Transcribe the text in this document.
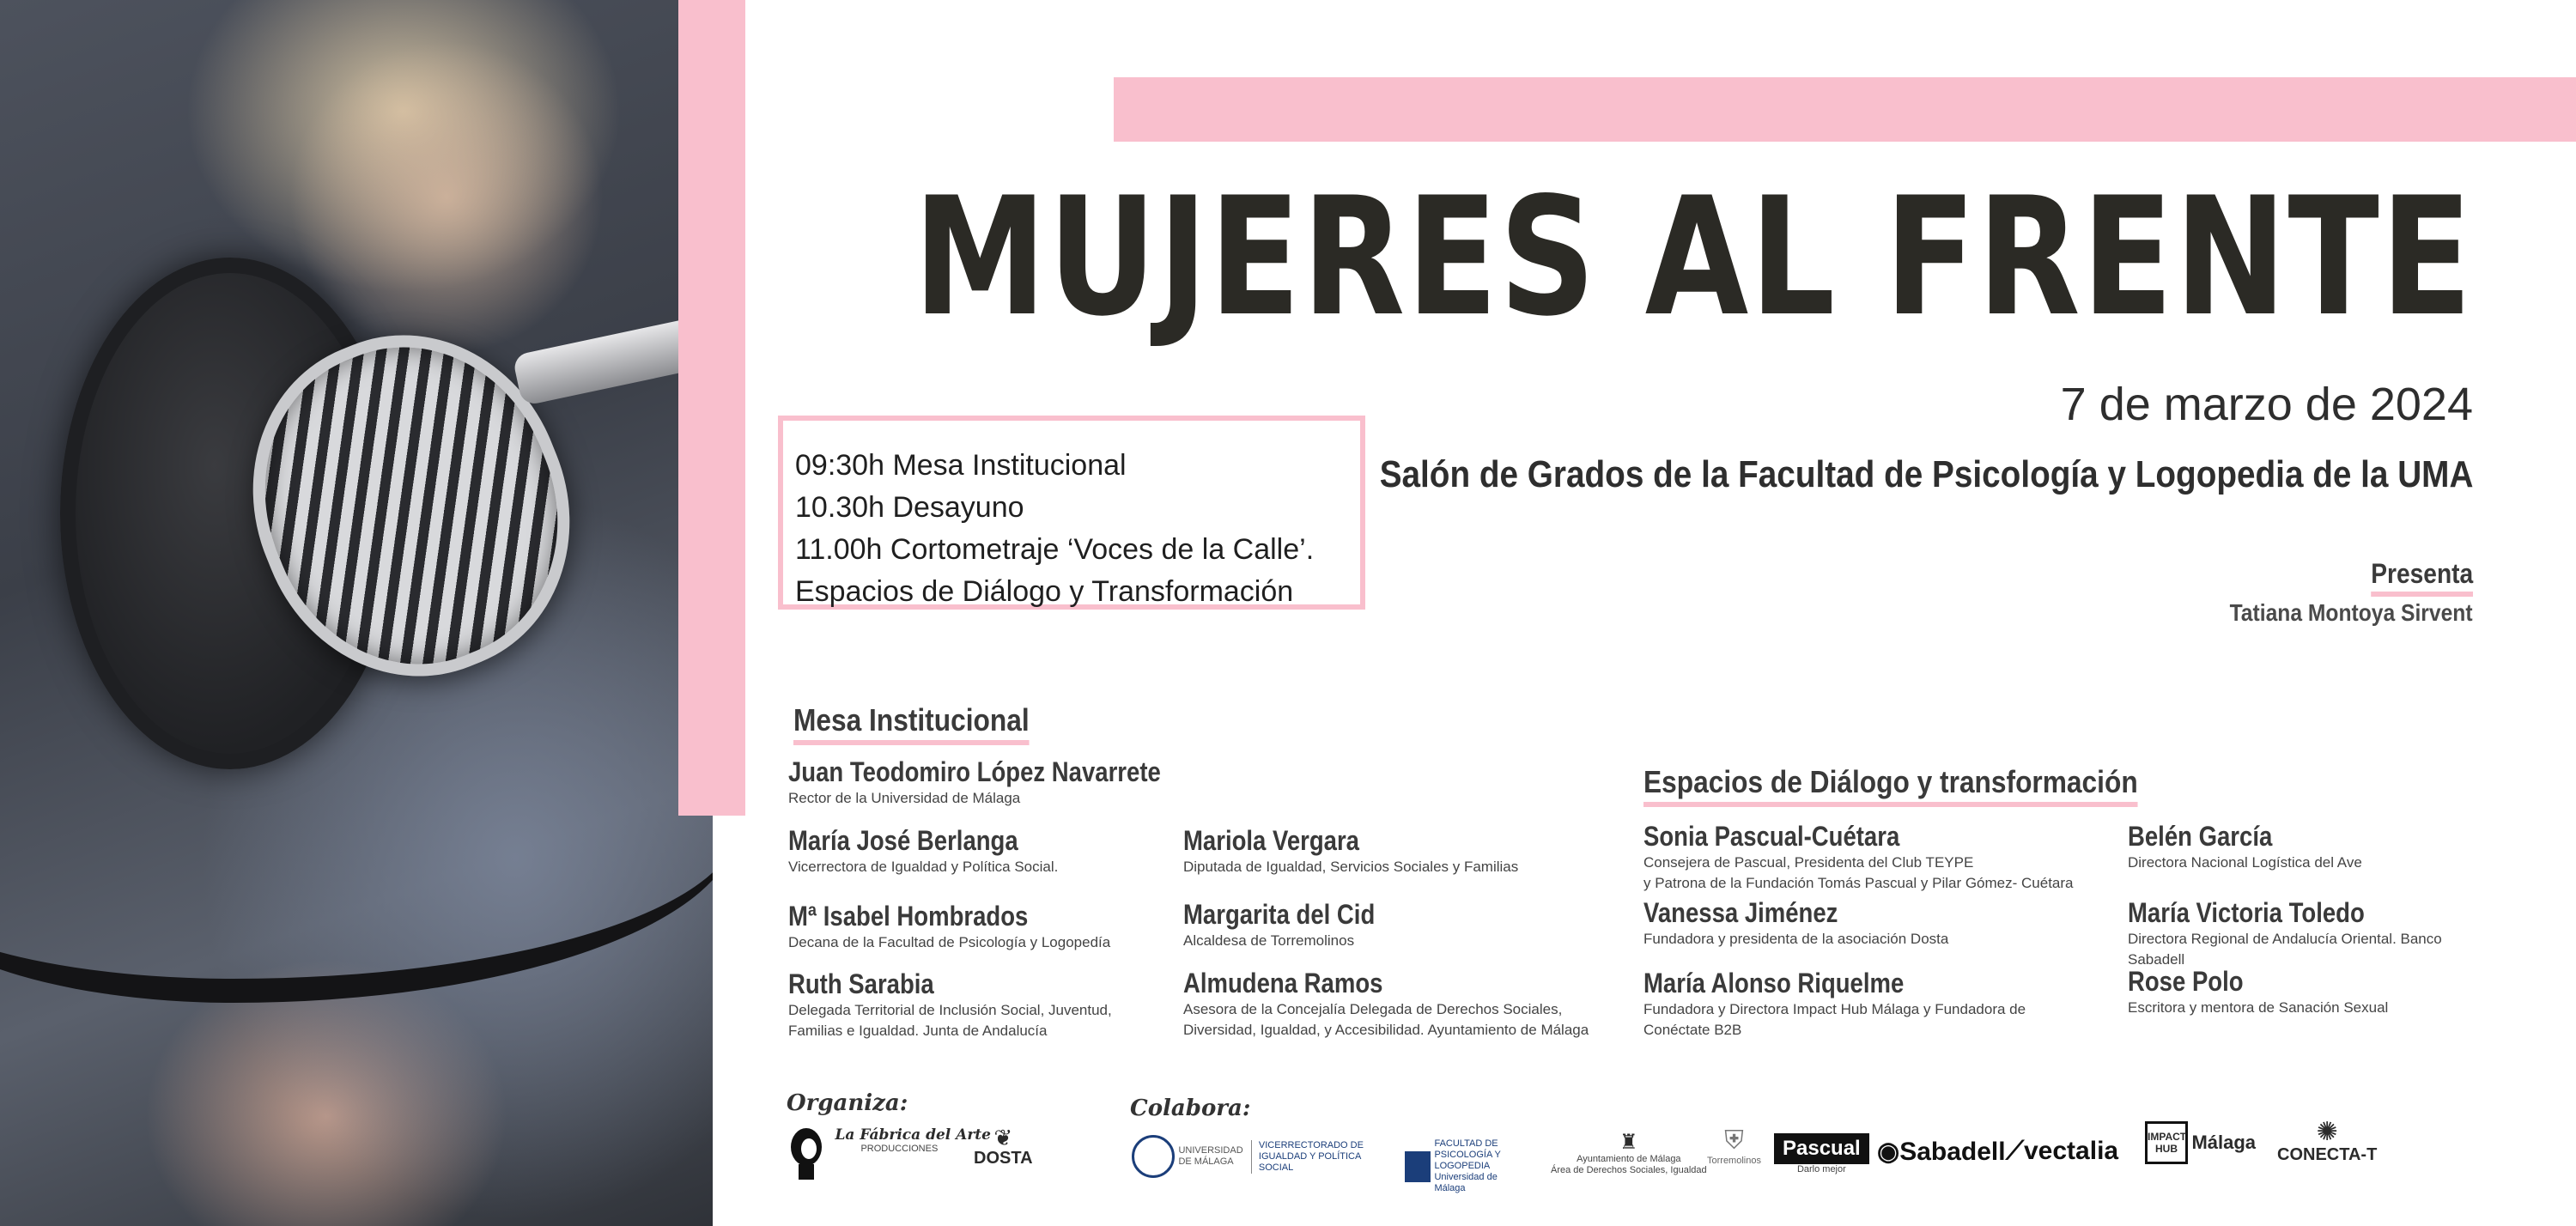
MUJERES AL FRENTE
7 de marzo de 2024
Salón de Grados de la Facultad de Psicología y Logopedia de la UMA
Presenta
Tatiana Montoya Sirvent
09:30h Mesa Institucional
10.30h Desayuno
11.00h Cortometraje ‘Voces de la Calle’.
Espacios de Diálogo y Transformación
Mesa Institucional
Juan Teodomiro López Navarrete
Rector de la Universidad de Málaga
María José Berlanga
Vicerrectora de Igualdad y Política Social.
Mª Isabel Hombrados
Decana de la Facultad de Psicología y Logopedía
Ruth Sarabia
Delegada Territorial de Inclusión Social, Juventud,
Familias e Igualdad. Junta de Andalucía
Mariola Vergara
Diputada de Igualdad, Servicios Sociales y Familias
Margarita del Cid
Alcaldesa de Torremolinos
Almudena Ramos
Asesora de la Concejalía Delegada de Derechos Sociales,
Diversidad, Igualdad, y Accesibilidad. Ayuntamiento de Málaga
Espacios de Diálogo y transformación
Sonia Pascual-Cuétara
Consejera de Pascual, Presidenta del Club TEYPE
y Patrona de la Fundación Tomás Pascual y Pilar Gómez- Cuétara
Vanessa Jiménez
Fundadora y presidenta de la asociación Dosta
María Alonso Riquelme
Fundadora y Directora Impact Hub Málaga y Fundadora de
Conéctate B2B
Belén García
Directora Nacional Logística del Ave
María Victoria Toledo
Directora Regional de Andalucía Oriental. Banco
Sabadell
Rose Polo
Escritora y mentora de Sanación Sexual
Organiza:	Colabora:

La Fábrica del Arte
PRODUCCIONES	❦
DOSTA	UNIVERSIDAD DE MÁLAGA VICERRECTORADO DE IGUALDAD Y POLÍTICA SOCIAL
FACULTAD DE PSICOLOGÍA Y LOGOPEDIA Universidad de Málaga
♜
Ayuntamiento de Málaga
Área de Derechos Sociales, Igualdad
⛨
Torremolinos
Pascual
Darlo mejor
◉Sabadell ⟋vectalia	IMPACT HUB Málaga	✺
CONECTA-T
